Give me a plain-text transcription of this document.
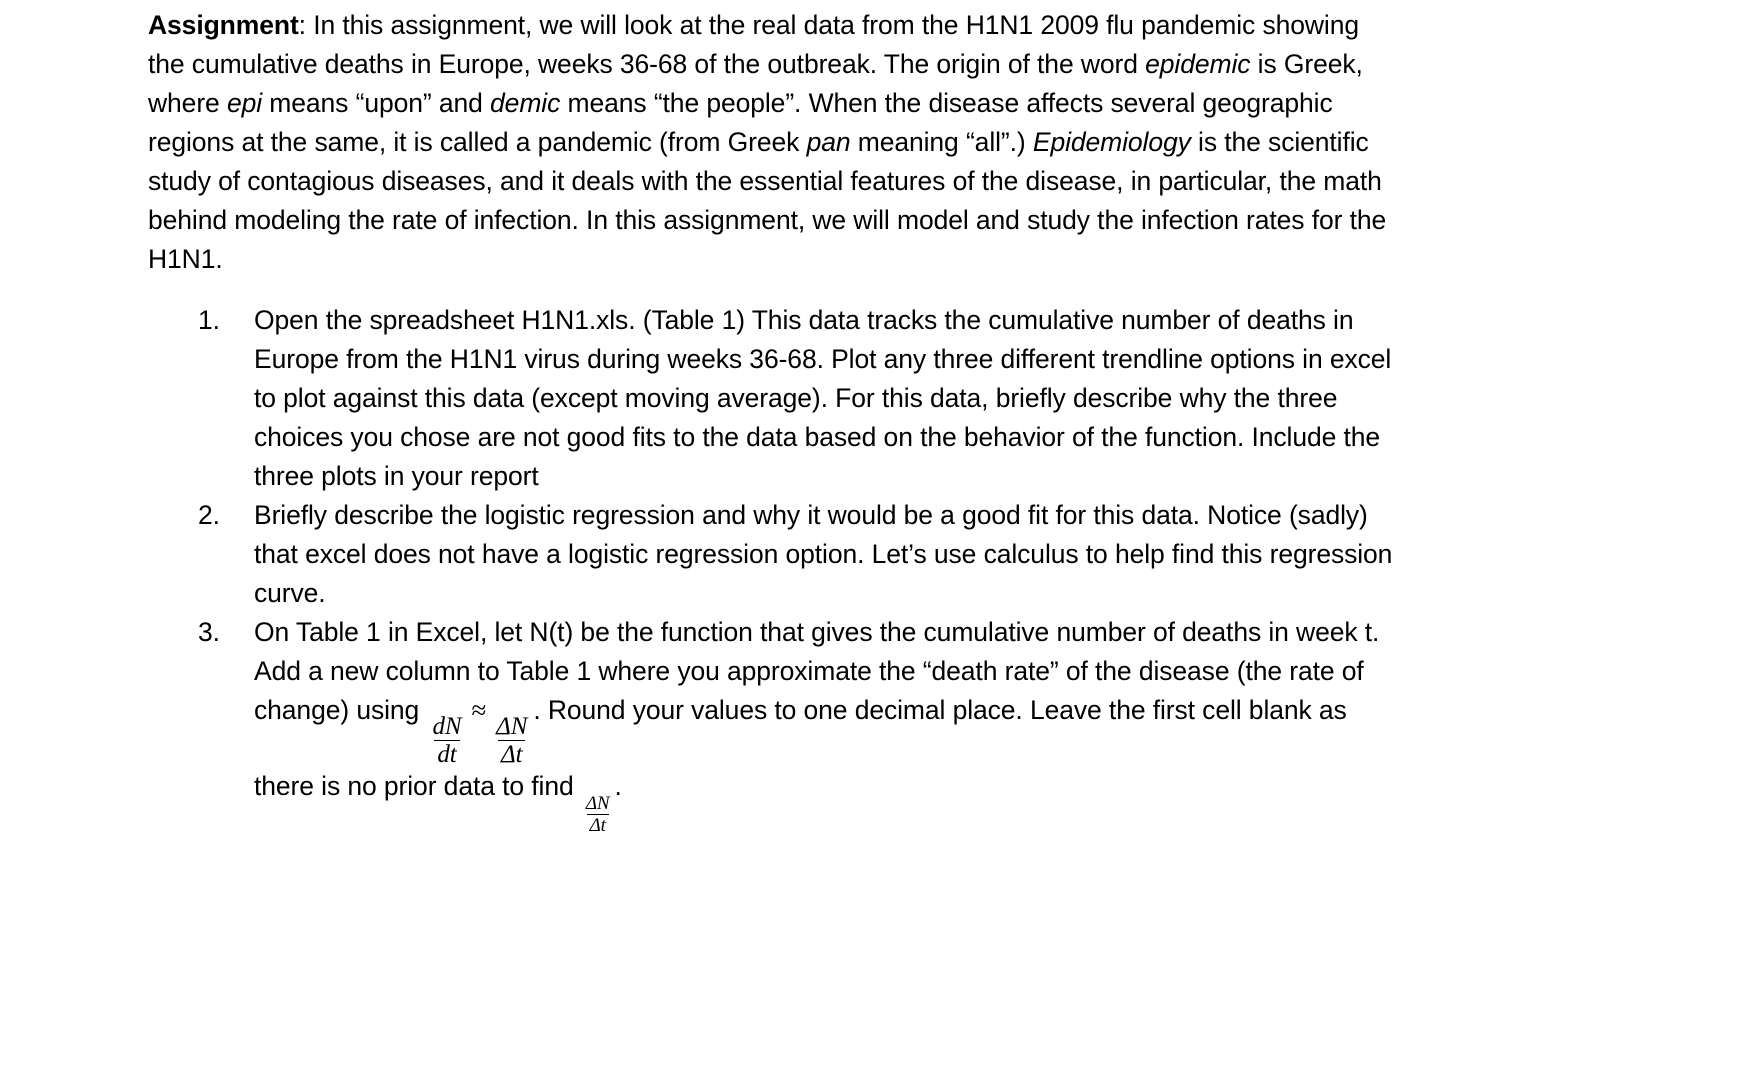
Assignment: In this assignment, we will look at the real data from the H1N1 2009 flu pandemic showing the cumulative deaths in Europe, weeks 36-68 of the outbreak. The origin of the word epidemic is Greek, where epi means “upon” and demic means “the people”. When the disease affects several geographic regions at the same, it is called a pandemic (from Greek pan meaning “all”.) Epidemiology is the scientific study of contagious diseases, and it deals with the essential features of the disease, in particular, the math behind modeling the rate of infection. In this assignment, we will model and study the infection rates for the H1N1.

1.	Open the spreadsheet H1N1.xls. (Table 1) This data tracks the cumulative number of deaths in Europe from the H1N1 virus during weeks 36-68. Plot any three different trendline options in excel to plot against this data (except moving average). For this data, briefly describe why the three choices you chose are not good fits to the data based on the behavior of the function. Include the three plots in your report
2.	Briefly describe the logistic regression and why it would be a good fit for this data. Notice (sadly) that excel does not have a logistic regression option. Let’s use calculus to help find this regression curve.
3.	On Table 1 in Excel, let N(t) be the function that gives the cumulative number of deaths in week t. Add a new column to Table 1 where you approximate the “death rate” of the disease (the rate of change) using
$\frac{dN}{dt}$
≈
$\frac{\Delta N}{\Delta t}$
. Round your values to one decimal place. Leave the first cell blank as there is no prior data to find
$\frac{\Delta N}{\Delta t}$
.
